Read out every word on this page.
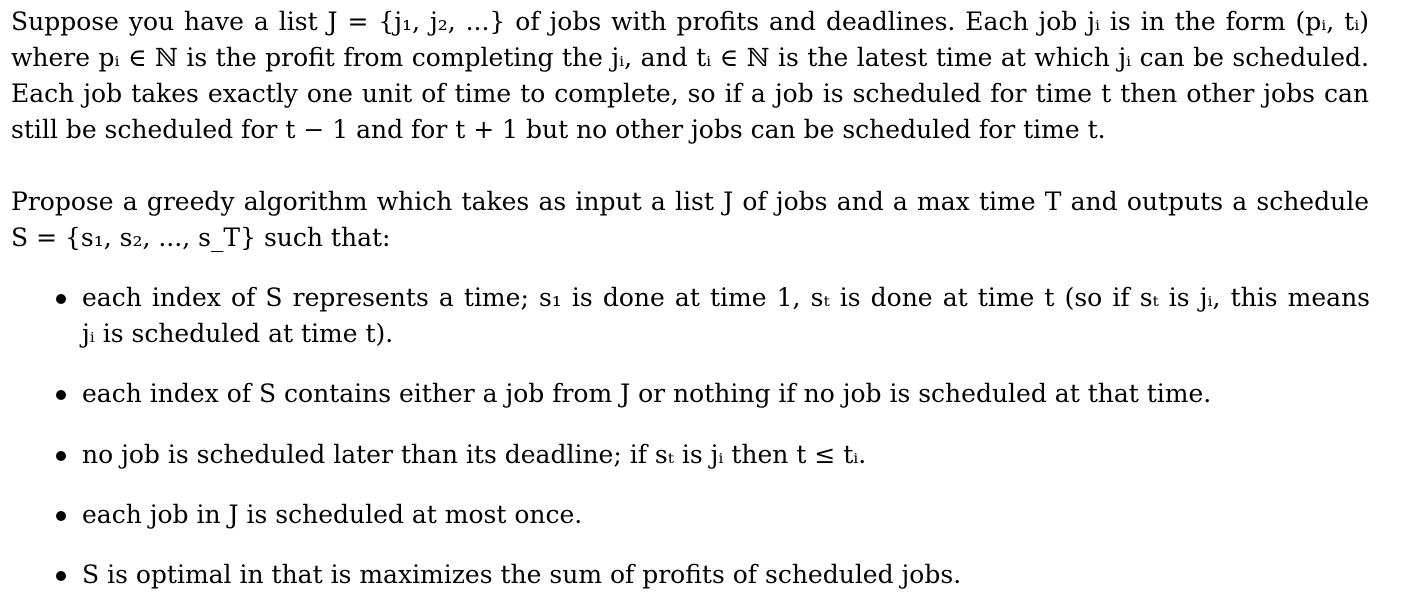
Suppose you have a list J = {j₁, j₂, ...} of jobs with profits and deadlines. Each job jᵢ is in the form (pᵢ, tᵢ)

where pᵢ ∈ ℕ is the profit from completing the jᵢ, and tᵢ ∈ ℕ is the latest time at which jᵢ can be scheduled.

Each job takes exactly one unit of time to complete, so if a job is scheduled for time t then other jobs can

still be scheduled for t − 1 and for t + 1 but no other jobs can be scheduled for time t.

Propose a greedy algorithm which takes as input a list J of jobs and a max time T and outputs a schedule

S = {s₁, s₂, ..., s_T} such that:

each index of S represents a time; s₁ is done at time 1, sₜ is done at time t (so if sₜ is jᵢ, this means
jᵢ is scheduled at time t).
each index of S contains either a job from J or nothing if no job is scheduled at that time.
no job is scheduled later than its deadline; if sₜ is jᵢ then t ≤ tᵢ.
each job in J is scheduled at most once.
S is optimal in that is maximizes the sum of profits of scheduled jobs.
